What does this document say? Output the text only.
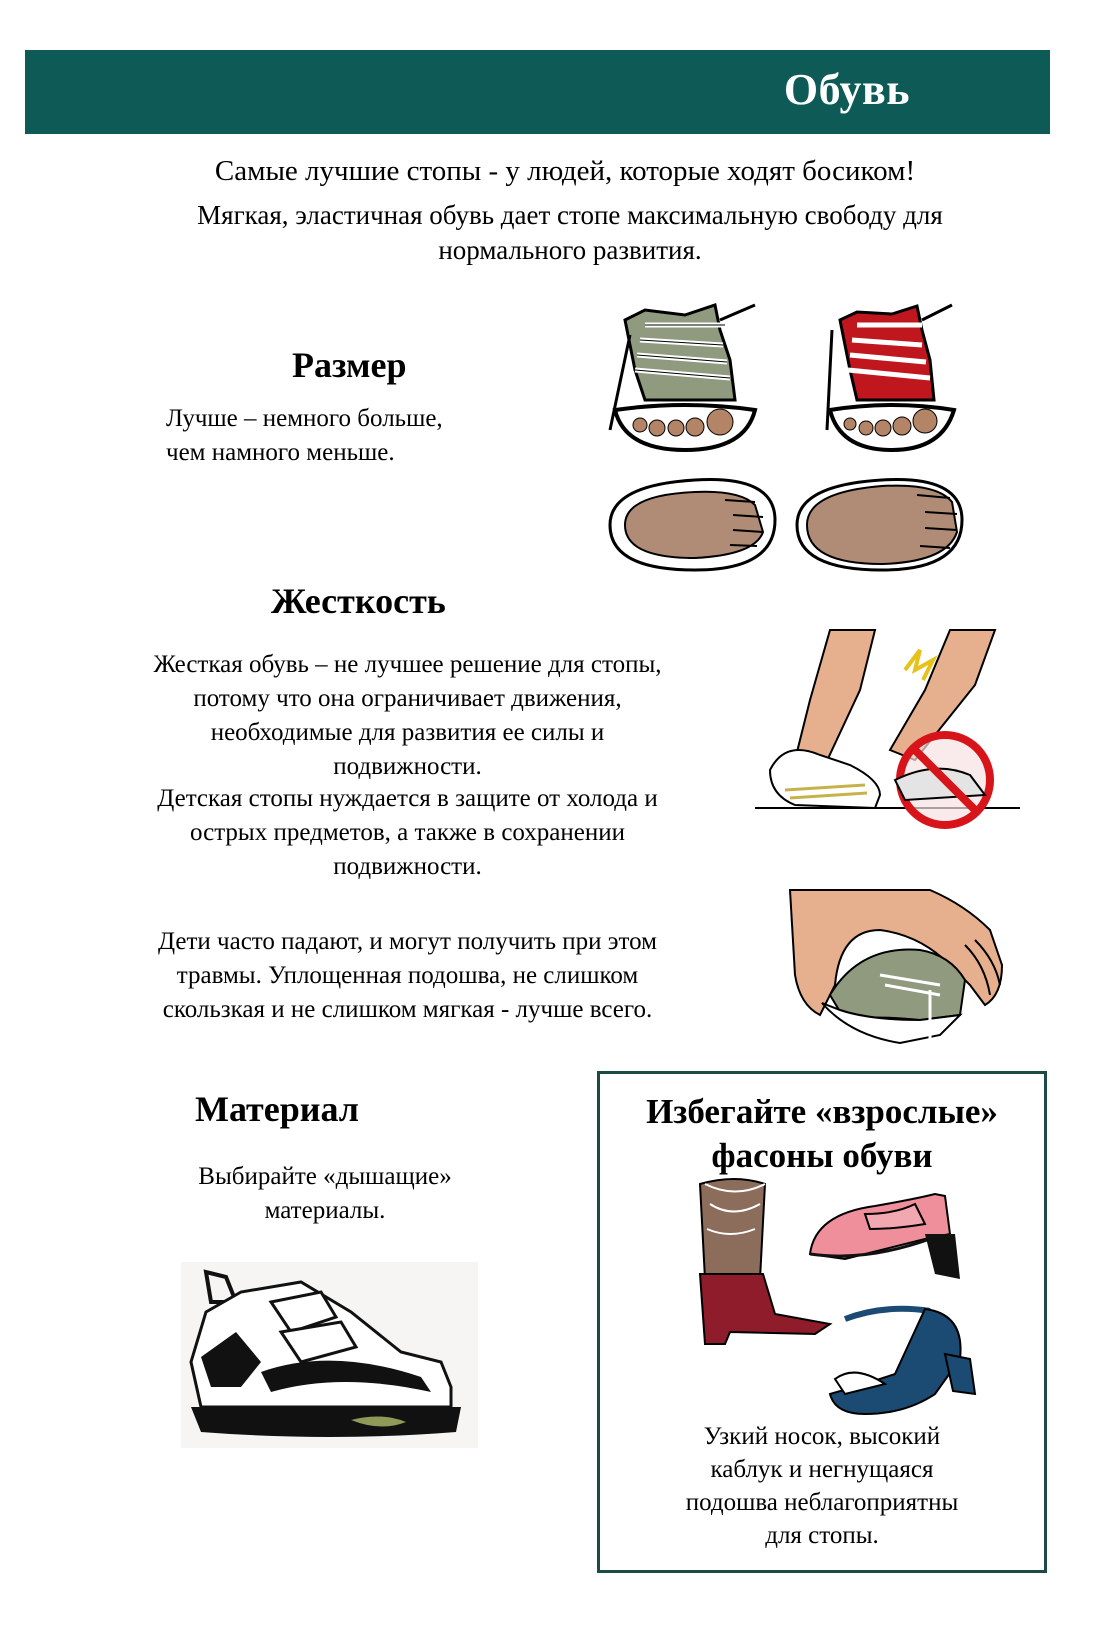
Обувь
Самые лучшие стопы - у людей, которые ходят босиком!
Мягкая, эластичная обувь дает стопе максимальную свободу для нормального развития.
Размер
Лучше – немного больше,
чем намного меньше.
Жесткость
Жесткая обувь – не лучшее решение для стопы,
потому что она ограничивает движения,
необходимые для развития ее силы и
подвижности.
Детская стопы нуждается в защите от холода и
острых предметов, а также в сохранении
подвижности.
Дети часто падают, и могут получить при этом
травмы. Уплощенная подошва, не слишком
скользкая и не слишком мягкая - лучше всего.
Материал
Выбирайте «дышащие»
материалы.
Избегайте «взрослые»
фасоны обуви
Узкий носок, высокий
каблук и негнущаяся
подошва неблагоприятны
для стопы.
